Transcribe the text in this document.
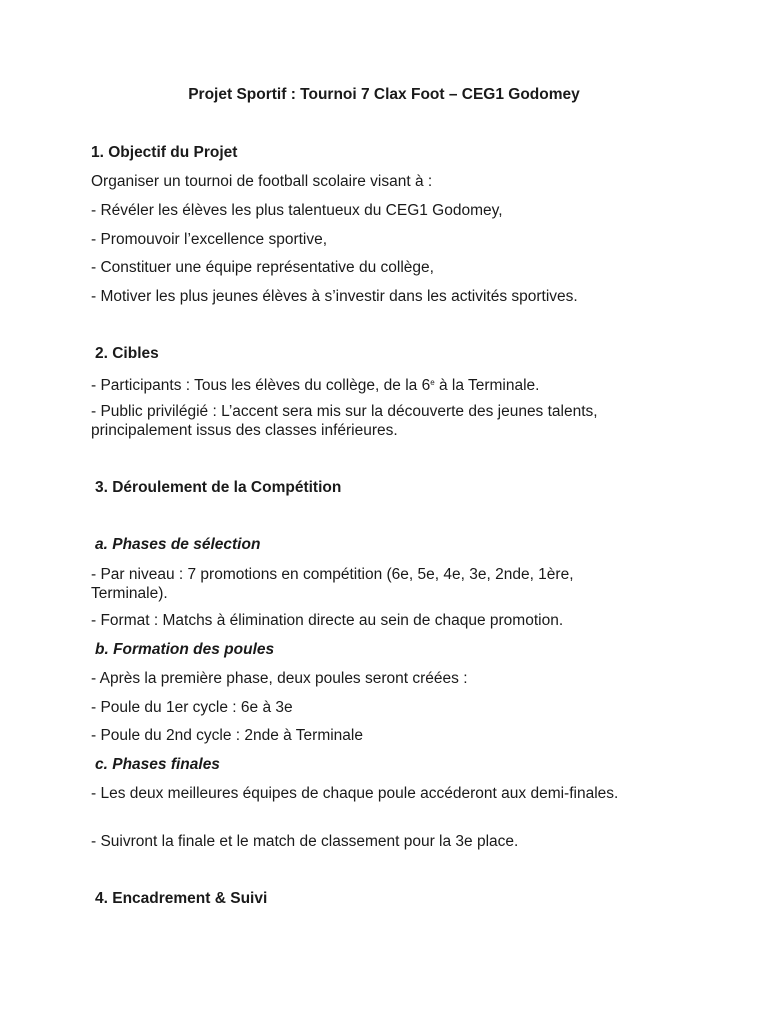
Projet Sportif : Tournoi 7 Clax Foot – CEG1 Godomey

1. Objectif du Projet

Organiser un tournoi de football scolaire visant à :

- Révéler les élèves les plus talentueux du CEG1 Godomey,

- Promouvoir l’excellence sportive,

- Constituer une équipe représentative du collège,

- Motiver les plus jeunes élèves à s’investir dans les activités sportives.

2. Cibles

- Participants : Tous les élèves du collège, de la 6e à la Terminale.

- Public privilégié : L’accent sera mis sur la découverte des jeunes talents, principalement issus des classes inférieures.

3. Déroulement de la Compétition

a. Phases de sélection

- Par niveau : 7 promotions en compétition (6e, 5e, 4e, 3e, 2nde, 1ère, Terminale).

- Format : Matchs à élimination directe au sein de chaque promotion.

b. Formation des poules

- Après la première phase, deux poules seront créées :

- Poule du 1er cycle : 6e à 3e

- Poule du 2nd cycle : 2nde à Terminale

c. Phases finales

- Les deux meilleures équipes de chaque poule accéderont aux demi-finales.

- Suivront la finale et le match de classement pour la 3e place.

4. Encadrement & Suivi
